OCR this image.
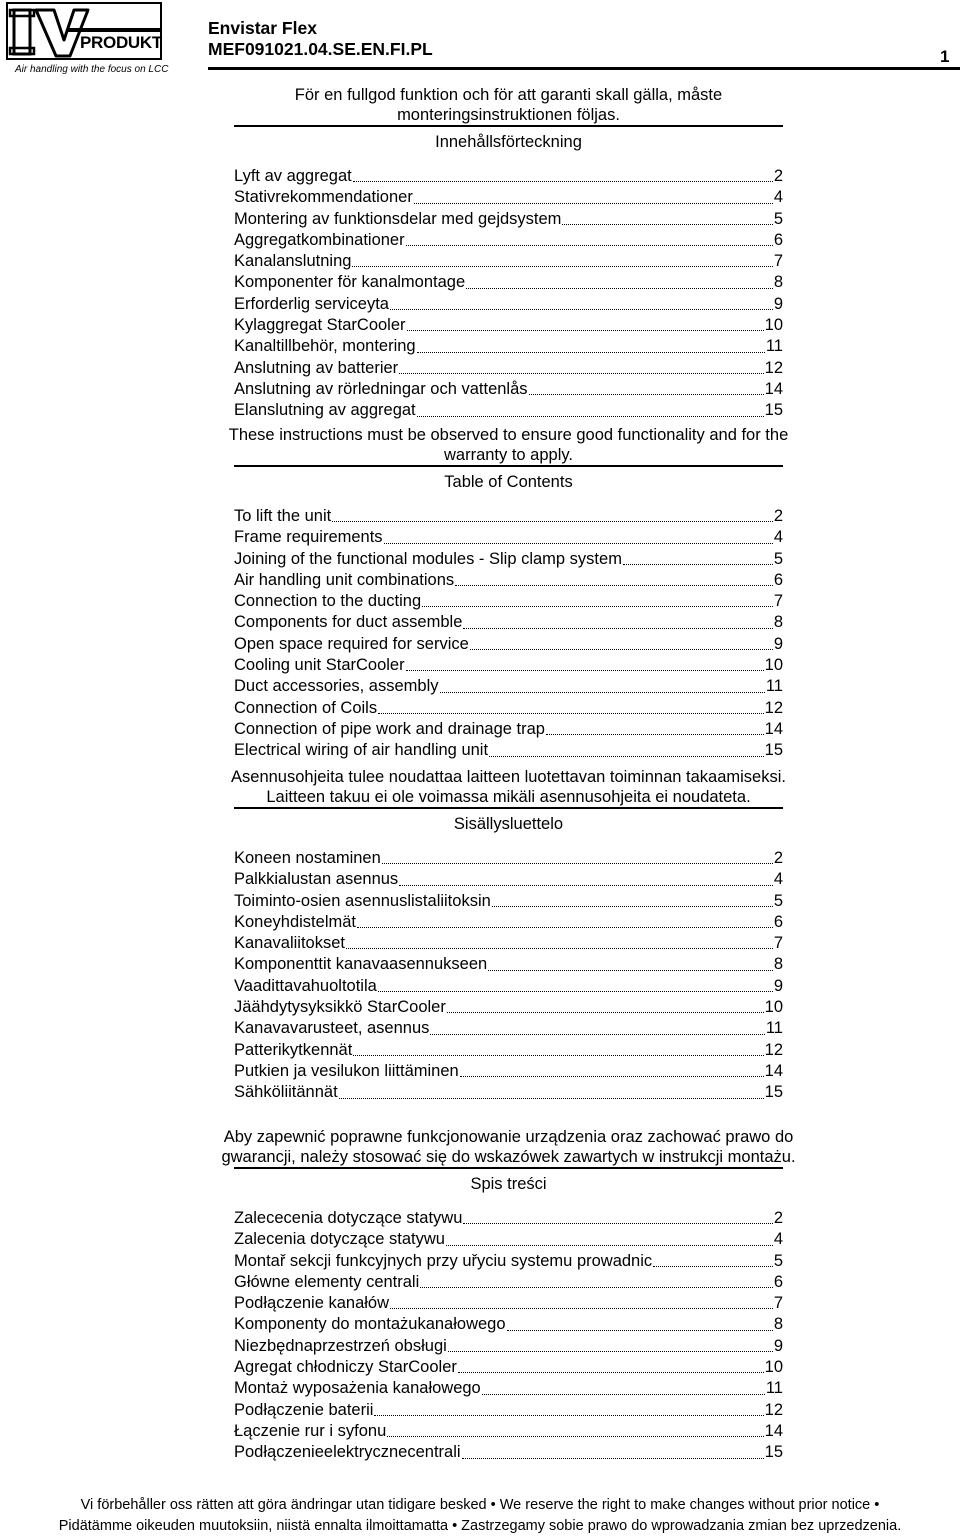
PRODUKT
Air handling with the focus on LCC
Envistar Flex
MEF091021.04.SE.EN.FI.PL	1
För en fullgod funktion och för att garanti skall gälla, måste monteringsinstruktionen följas.
Innehållsförteckning
Lyft av aggregat	2
Stativrekommendationer	4
Montering av funktionsdelar med gejdsystem	5
Aggregatkombinationer	6
Kanalanslutning	7
Komponenter för kanalmontage	8
Erforderlig serviceyta	9
Kylaggregat StarCooler	10
Kanaltillbehör, montering	11
Anslutning av batterier	12
Anslutning av rörledningar och vattenlås	14
Elanslutning av aggregat	15
These instructions must be observed to ensure good functionality and for the warranty to apply.
Table of Contents
To lift the unit	2
Frame requirements	4
Joining of the functional modules - Slip clamp system	5
Air handling unit combinations	6
Connection to the ducting	7
Components for duct assemble	8
Open space required for service	9
Cooling unit StarCooler	10
Duct accessories, assembly	11
Connection of Coils	12
Connection of pipe work and drainage trap	14
Electrical wiring of air handling unit	15
Asennusohjeita tulee noudattaa laitteen luotettavan toiminnan takaamiseksi. Laitteen takuu ei ole voimassa mikäli asennusohjeita ei noudateta.
Sisällysluettelo
Koneen nostaminen	2
Palkkialustan asennus	4
Toiminto-osien asennuslistaliitoksin	5
Koneyhdistelmät	6
Kanavaliitokset	7
Komponenttit kanavaasennukseen	8
Vaadittavahuoltotila	9
Jäähdytysyksikkö StarCooler	10
Kanavavarusteet, asennus	11
Patterikytkennät	12
Putkien ja vesilukon liittäminen	14
Sähköliitännät	15
Aby zapewnić poprawne funkcjonowanie urządzenia oraz zachować prawo do gwarancji, należy stosować się do wskazówek zawartych w instrukcji montażu.
Spis treści
Zalececenia dotyczące statywu	2
Zalecenia dotyczące statywu	4
Montař sekcji funkcyjnych przy uřyciu systemu prowadnic	5
Główne elementy centrali	6
Podłączenie kanałów	7
Komponenty do montażukanałowego	8
Niezbędnaprzestrzeń obsługi	9
Agregat chłodniczy StarCooler	10
Montaż wyposażenia kanałowego	11
Podłączenie baterii	12
Łączenie rur i syfonu	14
Podłączenieelektrycznecentrali	15
Vi förbehåller oss rätten att göra ändringar utan tidigare besked • We reserve the right to make changes without prior notice •
Pidätämme oikeuden muutoksiin, niistä ennalta ilmoittamatta • Zastrzegamy sobie prawo do wprowadzania zmian bez uprzedzenia.
